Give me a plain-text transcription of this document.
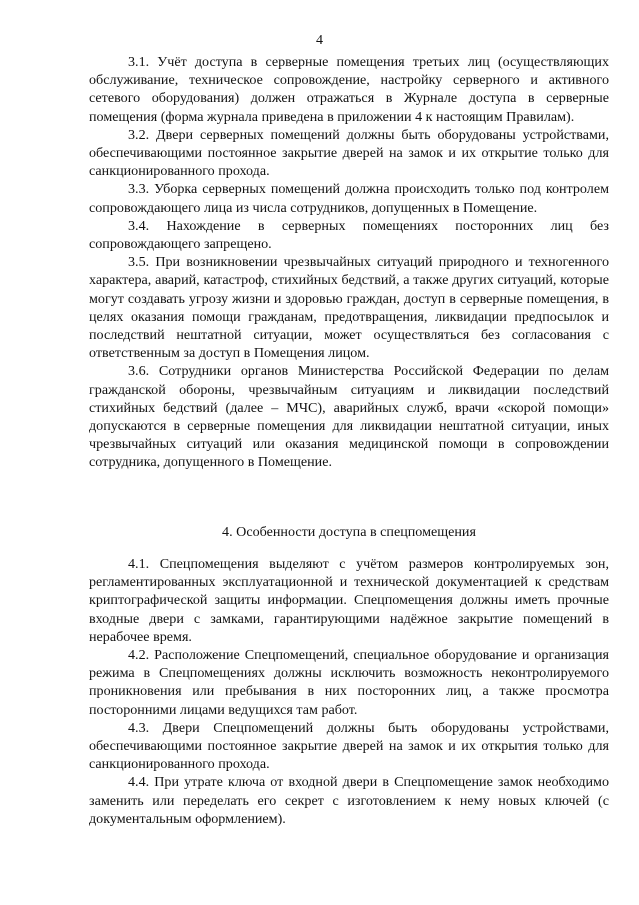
4

3.1. Учёт доступа в серверные помещения третьих лиц (осуществляющих обслуживание, техническое сопровождение, настройку серверного и активного сетевого оборудования) должен отражаться в Журнале доступа в серверные помещения (форма журнала приведена в приложении 4 к настоящим Правилам).

3.2. Двери серверных помещений должны быть оборудованы устройствами, обеспечивающими постоянное закрытие дверей на замок и их открытие только для санкционированного прохода.

3.3. Уборка серверных помещений должна происходить только под контролем сопровождающего лица из числа сотрудников, допущенных в Помещение.

3.4. Нахождение в серверных помещениях посторонних лиц без сопровождающего запрещено.

3.5. При возникновении чрезвычайных ситуаций природного и техногенного характера, аварий, катастроф, стихийных бедствий, а также других ситуаций, которые могут создавать угрозу жизни и здоровью граждан, доступ в серверные помещения, в целях оказания помощи гражданам, предотвращения, ликвидации предпосылок и последствий нештатной ситуации, может осуществляться без согласования с ответственным за доступ в Помещения лицом.

3.6. Сотрудники органов Министерства Российской Федерации по делам гражданской обороны, чрезвычайным ситуациям и ликвидации последствий стихийных бедствий (далее – МЧС), аварийных служб, врачи «скорой помощи» допускаются в серверные помещения для ликвидации нештатной ситуации, иных чрезвычайных ситуаций или оказания медицинской помощи в сопровождении сотрудника, допущенного в Помещение.

4. Особенности доступа в спецпомещения

4.1. Спецпомещения выделяют с учётом размеров контролируемых зон, регламентированных эксплуатационной и технической документацией к средствам криптографической защиты информации. Спецпомещения должны иметь прочные входные двери с замками, гарантирующими надёжное закрытие помещений в нерабочее время.

4.2. Расположение Спецпомещений, специальное оборудование и организация режима в Спецпомещениях должны исключить возможность неконтролируемого проникновения или пребывания в них посторонних лиц, а также просмотра посторонними лицами ведущихся там работ.

4.3. Двери Спецпомещений должны быть оборудованы устройствами, обеспечивающими постоянное закрытие дверей на замок и их открытия только для санкционированного прохода.

4.4. При утрате ключа от входной двери в Спецпомещение замок необходимо заменить или переделать его секрет с изготовлением к нему новых ключей (с документальным оформлением).
